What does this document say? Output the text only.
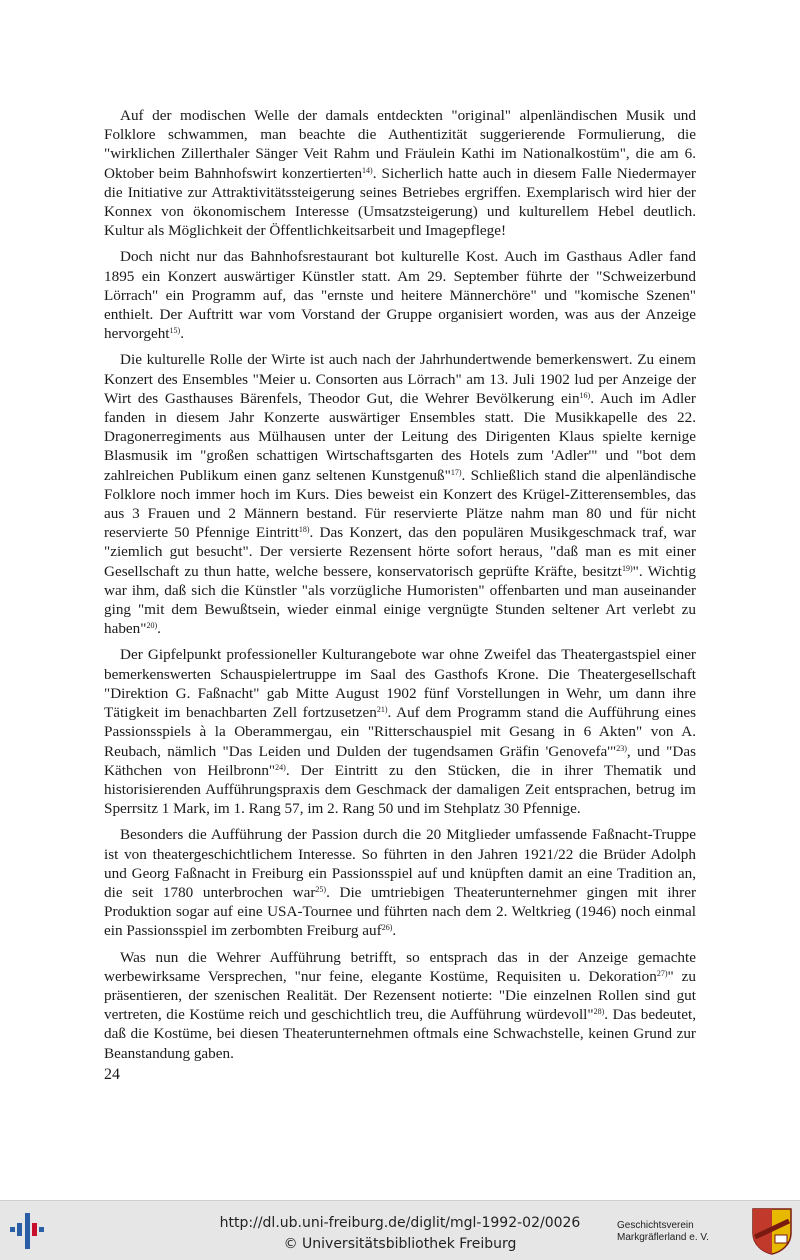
Auf der modischen Welle der damals entdeckten "original" alpenländischen Musik und Folklore schwammen, man beachte die Authentizität suggerierende Formulierung, die "wirklichen Zillerthaler Sänger Veit Rahm und Fräulein Kathi im Nationalkostüm", die am 6. Oktober beim Bahnhofswirt konzertierten$^{14)}$. Sicherlich hatte auch in diesem Falle Niedermayer die Initiative zur Attraktivitätssteigerung seines Betriebes ergriffen. Exemplarisch wird hier der Konnex von ökonomischem Interesse (Umsatzsteigerung) und kulturellem Hebel deutlich. Kultur als Möglichkeit der Öffentlichkeitsarbeit und Imagepflege!

Doch nicht nur das Bahnhofsrestaurant bot kulturelle Kost. Auch im Gasthaus Adler fand 1895 ein Konzert auswärtiger Künstler statt. Am 29. September führte der "Schweizerbund Lörrach" ein Programm auf, das "ernste und heitere Männerchöre" und "komische Szenen" enthielt. Der Auftritt war vom Vorstand der Gruppe organisiert worden, was aus der Anzeige hervorgeht$^{15)}$.

Die kulturelle Rolle der Wirte ist auch nach der Jahrhundertwende bemerkenswert. Zu einem Konzert des Ensembles "Meier u. Consorten aus Lörrach" am 13. Juli 1902 lud per Anzeige der Wirt des Gasthauses Bärenfels, Theodor Gut, die Wehrer Bevölkerung ein$^{16)}$. Auch im Adler fanden in diesem Jahr Konzerte auswärtiger Ensembles statt. Die Musikkapelle des 22. Dragonerregiments aus Mülhausen unter der Leitung des Dirigenten Klaus spielte kernige Blasmusik im "großen schattigen Wirtschaftsgarten des Hotels zum 'Adler'" und "bot dem zahlreichen Publikum einen ganz seltenen Kunstgenuß"$^{17)}$. Schließlich stand die alpenländische Folklore noch immer hoch im Kurs. Dies beweist ein Konzert des Krügel-Zitterensembles, das aus 3 Frauen und 2 Männern bestand. Für reservierte Plätze nahm man 80 und für nicht reservierte 50 Pfennige Eintritt$^{18)}$. Das Konzert, das den populären Musikgeschmack traf, war "ziemlich gut besucht". Der versierte Rezensent hörte sofort heraus, "daß man es mit einer Gesellschaft zu thun hatte, welche bessere, konservatorisch geprüfte Kräfte, besitzt$^{19)}$". Wichtig war ihm, daß sich die Künstler "als vorzügliche Humoristen" offenbarten und man auseinander ging "mit dem Bewußtsein, wieder einmal einige vergnügte Stunden seltener Art verlebt zu haben"$^{20)}$.

Der Gipfelpunkt professioneller Kulturangebote war ohne Zweifel das Theatergastspiel einer bemerkenswerten Schauspielertruppe im Saal des Gasthofs Krone. Die Theatergesellschaft "Direktion G. Faßnacht" gab Mitte August 1902 fünf Vorstellungen in Wehr, um dann ihre Tätigkeit im benachbarten Zell fortzusetzen$^{21)}$. Auf dem Programm stand die Aufführung eines Passionsspiels à la Oberammergau, ein "Ritterschauspiel mit Gesang in 6 Akten" von A. Reubach, nämlich "Das Leiden und Dulden der tugendsamen Gräfin 'Genovefa'"$^{23)}$, und "Das Käthchen von Heilbronn"$^{24)}$. Der Eintritt zu den Stücken, die in ihrer Thematik und historisierenden Aufführungspraxis dem Geschmack der damaligen Zeit entsprachen, betrug im Sperrsitz 1 Mark, im 1. Rang 57, im 2. Rang 50 und im Stehplatz 30 Pfennige.

Besonders die Aufführung der Passion durch die 20 Mitglieder umfassende Faßnacht-Truppe ist von theatergeschichtlichem Interesse. So führten in den Jahren 1921/22 die Brüder Adolph und Georg Faßnacht in Freiburg ein Passionsspiel auf und knüpften damit an eine Tradition an, die seit 1780 unterbrochen war$^{25)}$. Die umtriebigen Theaterunternehmer gingen mit ihrer Produktion sogar auf eine USA-Tournee und führten nach dem 2. Weltkrieg (1946) noch einmal ein Passionsspiel im zerbombten Freiburg auf$^{26)}$.

Was nun die Wehrer Aufführung betrifft, so entsprach das in der Anzeige gemachte werbewirksame Versprechen, "nur feine, elegante Kostüme, Requisiten u. Dekoration$^{27)}$" zu präsentieren, der szenischen Realität. Der Rezensent notierte: "Die einzelnen Rollen sind gut vertreten, die Kostüme reich und geschichtlich treu, die Aufführung würdevoll"$^{28)}$. Das bedeutet, daß die Kostüme, bei diesen Theaterunternehmen oftmals eine Schwachstelle, keinen Grund zur Beanstandung gaben.

24
http://dl.ub.uni-freiburg.de/diglit/mgl-1992-02/0026
© Universitätsbibliothek Freiburg
Geschichtsverein
Markgräflerland e. V.
